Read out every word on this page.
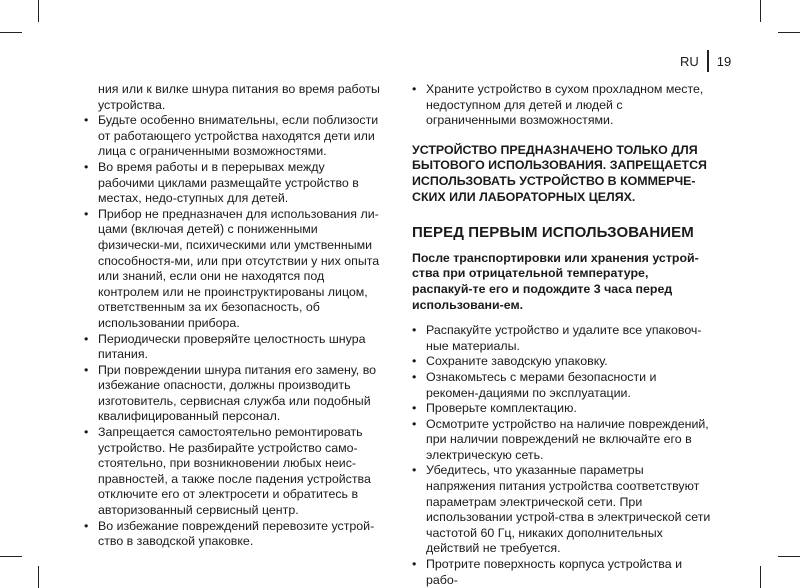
RU 19

ния или к вилке шнура питания во время работы устройства.

• Будьте особенно внимательны, если поблизости от работающего устройства находятся дети или лица с ограниченными возможностями.
• Во время работы и в перерывах между рабочими циклами размещайте устройство в местах, недо-ступных для детей.
• Прибор не предназначен для использования ли-цами (включая детей) с пониженными физически-ми, психическими или умственными способностя-ми, или при отсутствии у них опыта или знаний, если они не находятся под контролем или не проинструктированы лицом, ответственным за их безопасность, об использовании прибора.
• Периодически проверяйте целостность шнура питания.
• При повреждении шнура питания его замену, во избежание опасности, должны производить изготовитель, сервисная служба или подобный квалифицированный персонал.
• Запрещается самостоятельно ремонтировать устройство. Не разбирайте устройство само-стоятельно, при возникновении любых неис-правностей, а также после падения устройства отключите его от электросети и обратитесь в авторизованный сервисный центр.
• Во избежание повреждений перевозите устрой-ство в заводской упаковке.
• Храните устройство в сухом прохладном месте, недоступном для детей и людей с ограниченными возможностями.
УСТРОЙСТВО ПРЕДНАЗНАЧЕНО ТОЛЬКО ДЛЯ БЫТОВОГО ИСПОЛЬЗОВАНИЯ. ЗАПРЕЩАЕТСЯ ИСПОЛЬЗОВАТЬ УСТРОЙСТВО В КОММЕРЧЕ-СКИХ ИЛИ ЛАБОРАТОРНЫХ ЦЕЛЯХ.
ПЕРЕД ПЕРВЫМ ИСПОЛЬЗОВАНИЕМ
После транспортировки или хранения устрой-ства при отрицательной температуре, распакуй-те его и подождите 3 часа перед использовани-ем.
• Распакуйте устройство и удалите все упаковоч-ные материалы.
• Сохраните заводскую упаковку.
• Ознакомьтесь с мерами безопасности и рекомен-дациями по эксплуатации.
• Проверьте комплектацию.
• Осмотрите устройство на наличие повреждений, при наличии повреждений не включайте его в электрическую сеть.
• Убедитесь, что указанные параметры напряжения питания устройства соответствуют параметрам электрической сети. При использовании устрой-ства в электрической сети частотой 60 Гц, никаких дополнительных действий не требуется.
• Протрите поверхность корпуса устройства и рабо-
